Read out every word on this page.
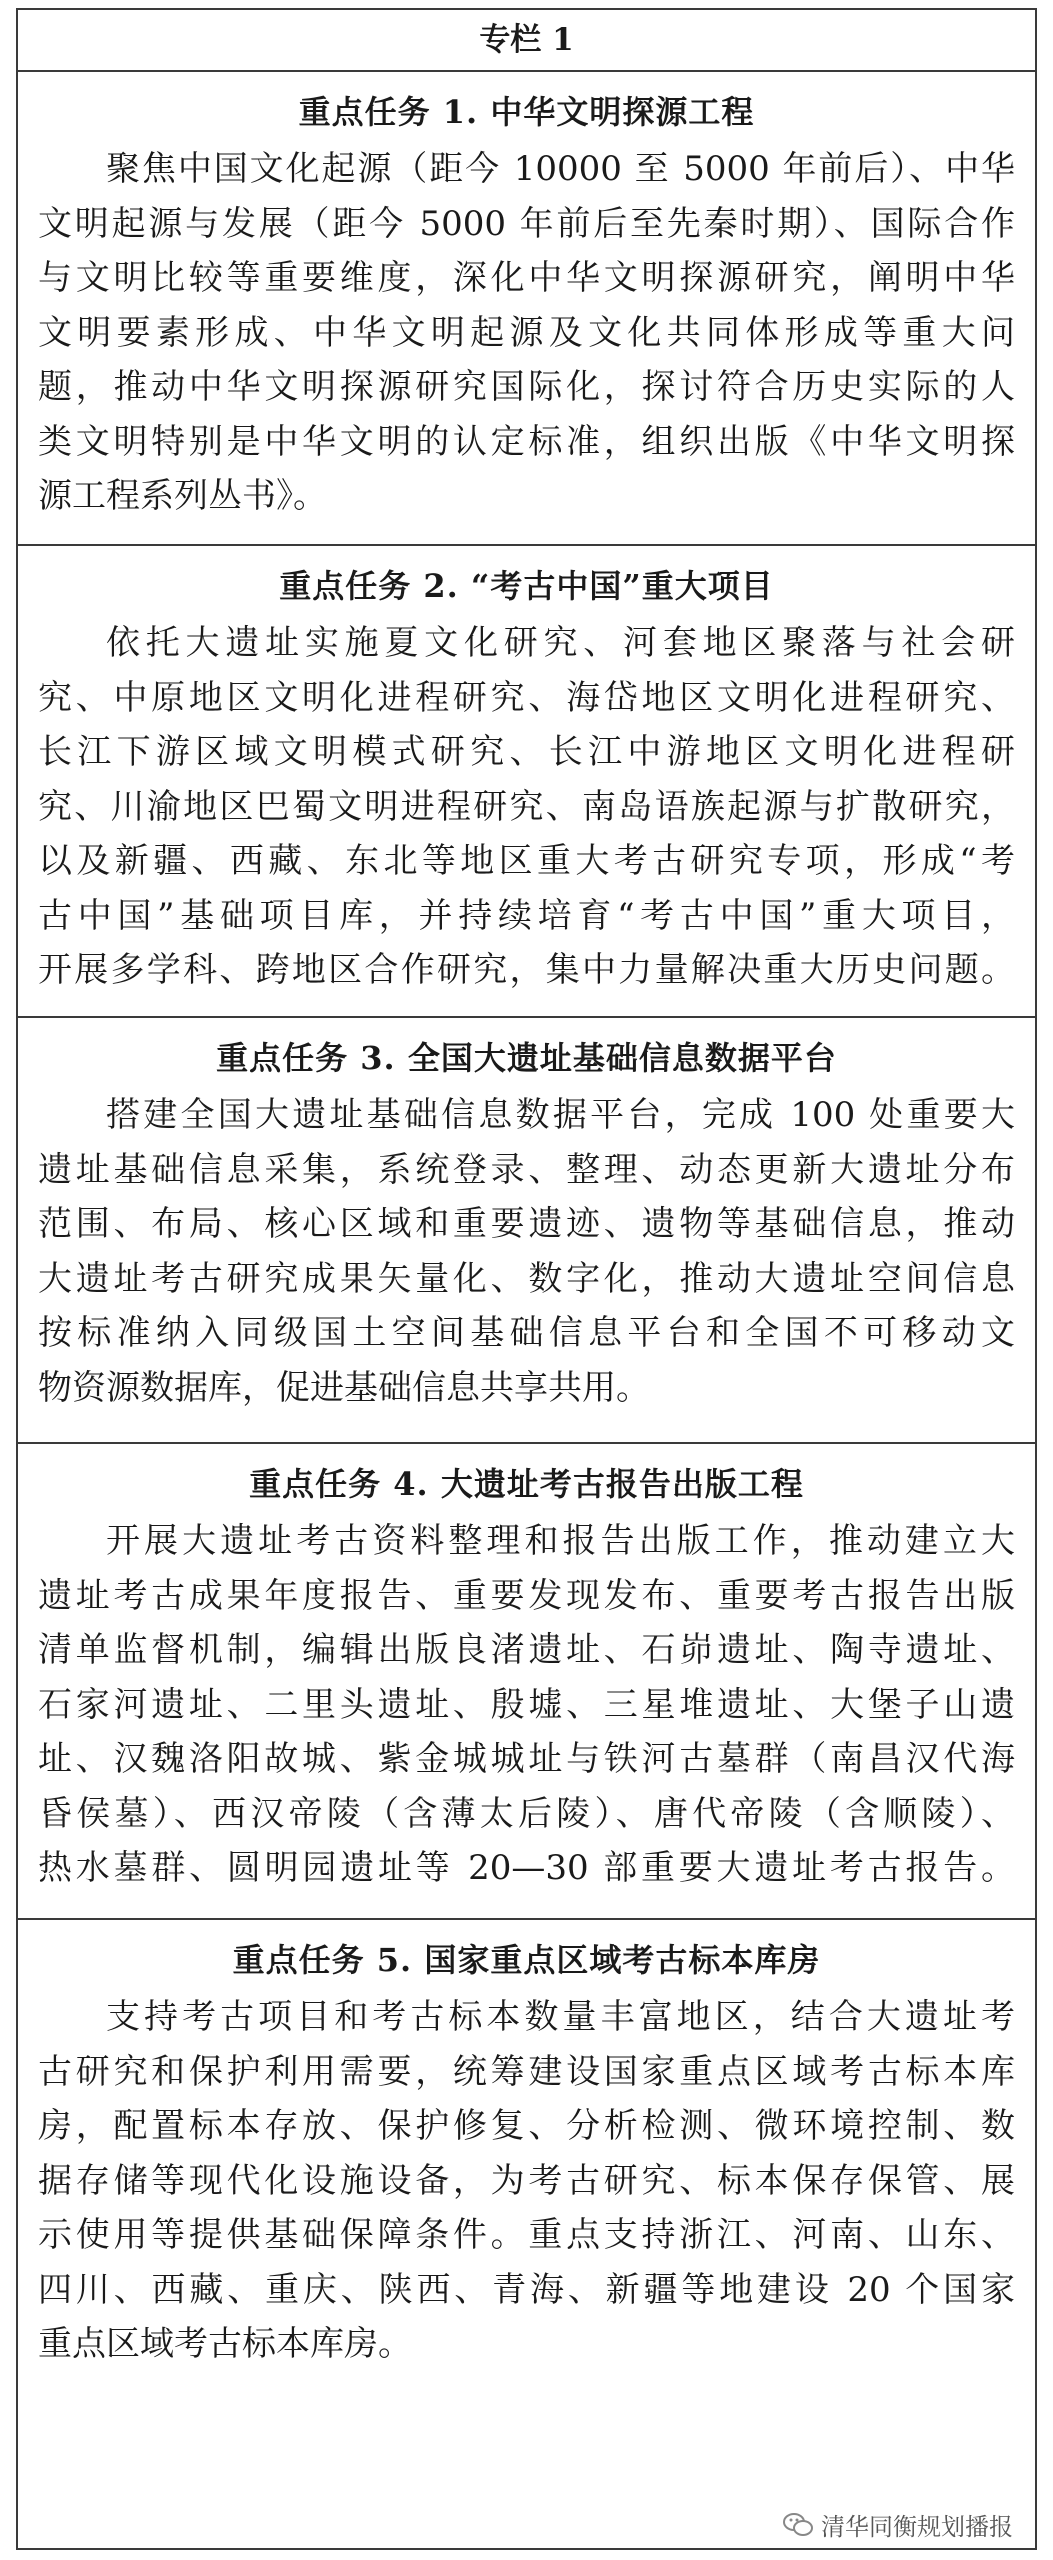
专栏 1
重点任务 1. 中华文明探源工程
聚焦中国文化起源（距今 10000 至 5000 年前后）、中华
文明起源与发展（距今 5000 年前后至先秦时期）、国际合作
与文明比较等重要维度，深化中华文明探源研究，阐明中华
文明要素形成、中华文明起源及文化共同体形成等重大问
题，推动中华文明探源研究国际化，探讨符合历史实际的人
类文明特别是中华文明的认定标准，组织出版《中华文明探
源工程系列丛书》。
重点任务 2. “考古中国”重大项目
依托大遗址实施夏文化研究、河套地区聚落与社会研
究、中原地区文明化进程研究、海岱地区文明化进程研究、
长江下游区域文明模式研究、长江中游地区文明化进程研
究、川渝地区巴蜀文明进程研究、南岛语族起源与扩散研究，
以及新疆、西藏、东北等地区重大考古研究专项，形成“考
古中国”基础项目库，并持续培育“考古中国”重大项目，
开展多学科、跨地区合作研究，集中力量解决重大历史问题。
重点任务 3. 全国大遗址基础信息数据平台
搭建全国大遗址基础信息数据平台，完成 100 处重要大
遗址基础信息采集，系统登录、整理、动态更新大遗址分布
范围、布局、核心区域和重要遗迹、遗物等基础信息，推动
大遗址考古研究成果矢量化、数字化，推动大遗址空间信息
按标准纳入同级国土空间基础信息平台和全国不可移动文
物资源数据库，促进基础信息共享共用。
重点任务 4. 大遗址考古报告出版工程
开展大遗址考古资料整理和报告出版工作，推动建立大
遗址考古成果年度报告、重要发现发布、重要考古报告出版
清单监督机制，编辑出版良渚遗址、石峁遗址、陶寺遗址、
石家河遗址、二里头遗址、殷墟、三星堆遗址、大堡子山遗
址、汉魏洛阳故城、紫金城城址与铁河古墓群（南昌汉代海
昏侯墓）、西汉帝陵（含薄太后陵）、唐代帝陵（含顺陵）、
热水墓群、圆明园遗址等 20—30 部重要大遗址考古报告。
重点任务 5. 国家重点区域考古标本库房
支持考古项目和考古标本数量丰富地区，结合大遗址考
古研究和保护利用需要，统筹建设国家重点区域考古标本库
房，配置标本存放、保护修复、分析检测、微环境控制、数
据存储等现代化设施设备，为考古研究、标本保存保管、展
示使用等提供基础保障条件。重点支持浙江、河南、山东、
四川、西藏、重庆、陕西、青海、新疆等地建设 20 个国家
重点区域考古标本库房。
清华同衡规划播报
